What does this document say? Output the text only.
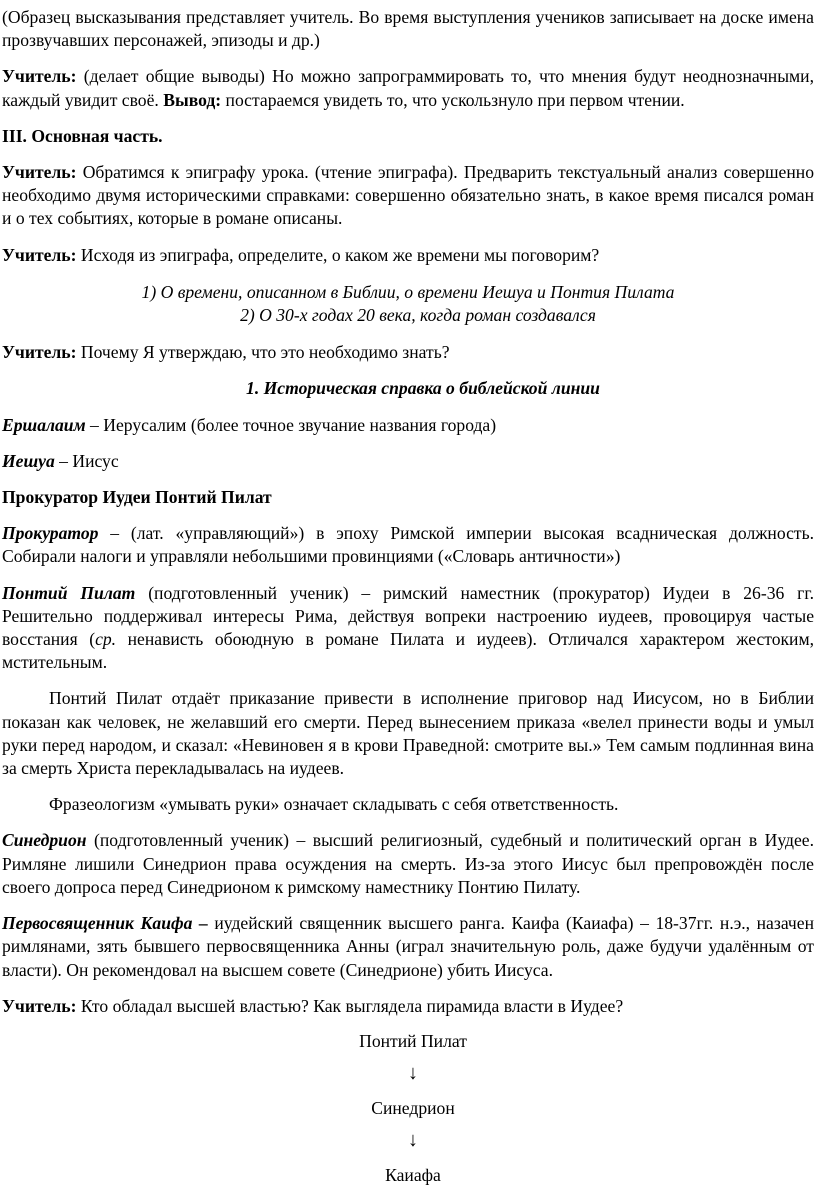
(Образец высказывания представляет учитель. Во время выступления учеников записывает на доске имена прозвучавших персонажей, эпизоды и др.)

Учитель: (делает общие выводы) Но можно запрограммировать то, что мнения будут неоднозначными, каждый увидит своё. Вывод: постараемся увидеть то, что ускользнуло при первом чтении.

III. Основная часть.

Учитель: Обратимся к эпиграфу урока. (чтение эпиграфа). Предварить текстуальный анализ совершенно необходимо двумя историческими справками: совершенно обязательно знать, в какое время писался роман и о тех событиях, которые в романе описаны.

Учитель: Исходя из эпиграфа, определите, о каком же времени мы поговорим?

1) О времени, описанном в Библии, о времени Иешуа и Понтия Пилата
2) О 30-х годах 20 века, когда роман создавался

Учитель: Почему Я утверждаю, что это необходимо знать?

1. Историческая справка о библейской линии

Ершалаим – Иерусалим (более точное звучание названия города)

Иешуа – Иисус

Прокуратор Иудеи Понтий Пилат

Прокуратор – (лат. «управляющий») в эпоху Римской империи высокая всадническая должность. Собирали налоги и управляли небольшими провинциями («Словарь античности»)

Понтий Пилат (подготовленный ученик) – римский наместник (прокуратор) Иудеи в 26-36 гг. Решительно поддерживал интересы Рима, действуя вопреки настроению иудеев, провоцируя частые восстания (ср. ненависть обоюдную в романе Пилата и иудеев). Отличался характером жестоким, мстительным.

Понтий Пилат отдаёт приказание привести в исполнение приговор над Иисусом, но в Библии показан как человек, не желавший его смерти. Перед вынесением приказа «велел принести воды и умыл руки перед народом, и сказал: «Невиновен я в крови Праведной: смотрите вы.» Тем самым подлинная вина за смерть Христа перекладывалась на иудеев.

Фразеологизм «умывать руки» означает складывать с себя ответственность.

Синедрион (подготовленный ученик) – высший религиозный, судебный и политический орган в Иудее. Римляне лишили Синедрион права осуждения на смерть. Из-за этого Иисус был препровождён после своего допроса перед Синедрионом к римскому наместнику Понтию Пилату.

Первосвященник Каифа – иудейский священник высшего ранга. Каифа (Каиафа) – 18-37гг. н.э., назачен римлянами, зять бывшего первосвященника Анны (играл значительную роль, даже будучи удалённым от власти). Он рекомендовал на высшем совете (Синедрионе) убить Иисуса.

Учитель: Кто обладал высшей властью? Как выглядела пирамида власти в Иудее?

Понтий Пилат

↓

Синедрион

↓

Каиафа
